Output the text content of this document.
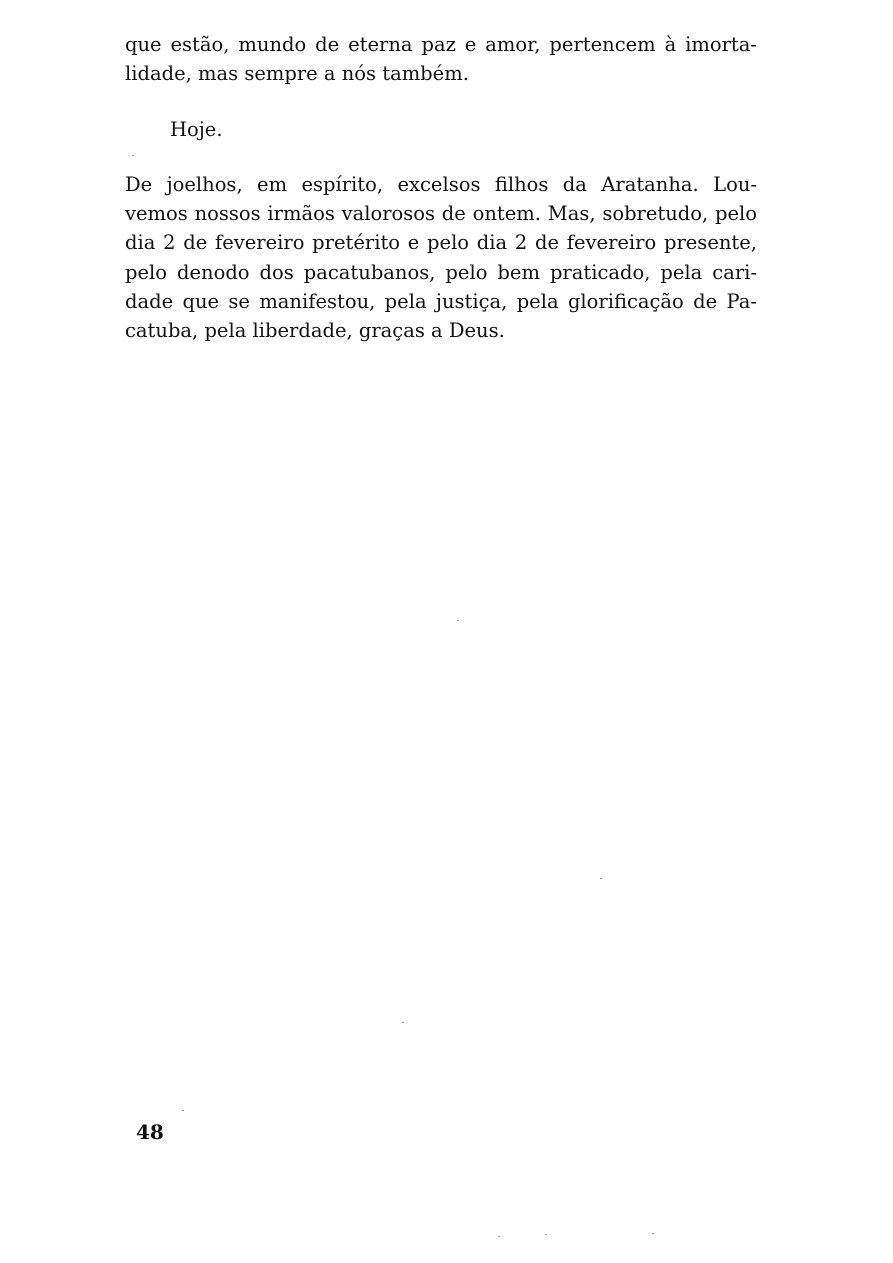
que estão, mundo de eterna paz e amor, pertencem à imorta-
lidade, mas sempre a nós também.

Hoje.

De joelhos, em espírito, excelsos filhos da Aratanha. Lou-
vemos nossos irmãos valorosos de ontem. Mas, sobretudo, pelo
dia 2 de fevereiro pretérito e pelo dia 2 de fevereiro presente,
pelo denodo dos pacatubanos, pelo bem praticado, pela cari-
dade que se manifestou, pela justiça, pela glorificação de Pa-
catuba, pela liberdade, graças a Deus.

48
